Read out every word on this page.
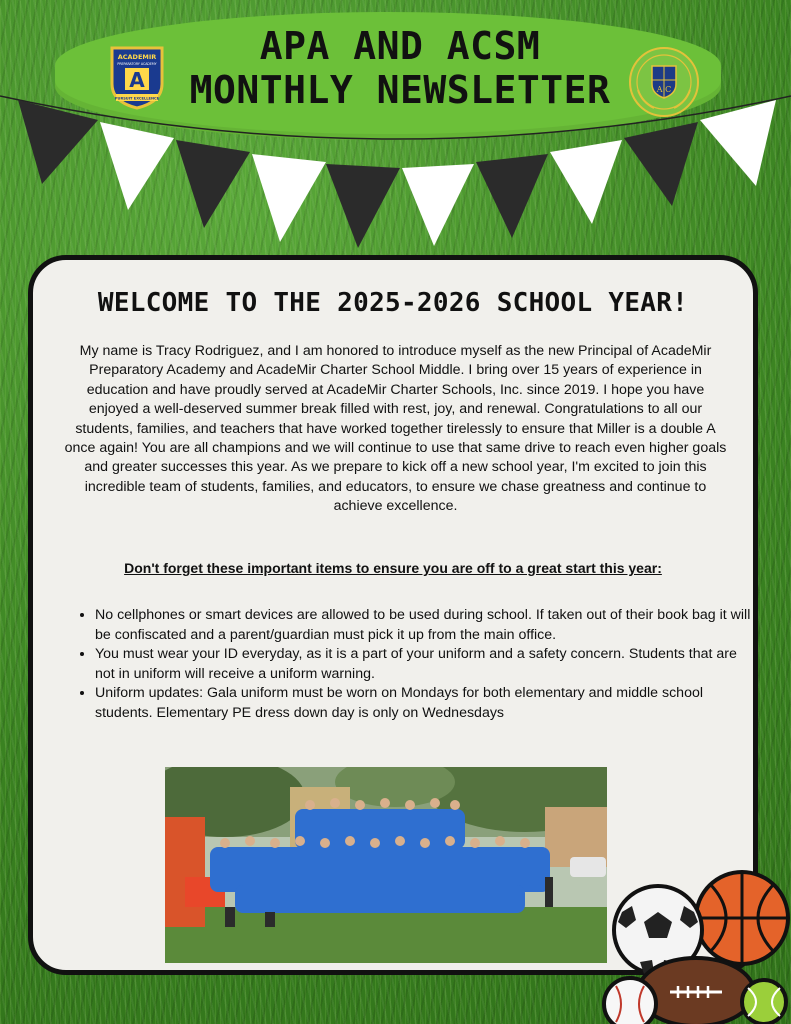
ACADEMIR
PREPARATORY ACADEMY
A
PURSUIT EXCELLENCE
APA AND ACSM
MONTHLY NEWSLETTER	A C
WELCOME TO THE 2025-2026 SCHOOL YEAR!
My name is Tracy Rodriguez, and I am honored to introduce myself as the new Principal of AcadeMir Preparatory Academy and AcadeMir Charter School Middle. I bring over 15 years of experience in education and have proudly served at AcadeMir Charter Schools, Inc. since 2019. I hope you have enjoyed a well-deserved summer break filled with rest, joy, and renewal. Congratulations to all our students, families, and teachers that have worked together tirelessly to ensure that Miller is a double A once again! You are all champions and we will continue to use that same drive to reach even higher goals and greater successes this year. As we prepare to kick off a new school year, I'm excited to join this incredible team of students, families, and educators, to ensure we chase greatness and continue to achieve excellence.
Don't forget these important items to ensure you are off to a great start this year:
• No cellphones or smart devices are allowed to be used during school. If taken out of their book bag it will be confiscated and a parent/guardian must pick it up from the main office.
• You must wear your ID everyday, as it is a part of your uniform and a safety concern. Students that are not in uniform will receive a uniform warning.
• Uniform updates: Gala uniform must be worn on Mondays for both elementary and middle school students. Elementary PE dress down day is only on Wednesdays
